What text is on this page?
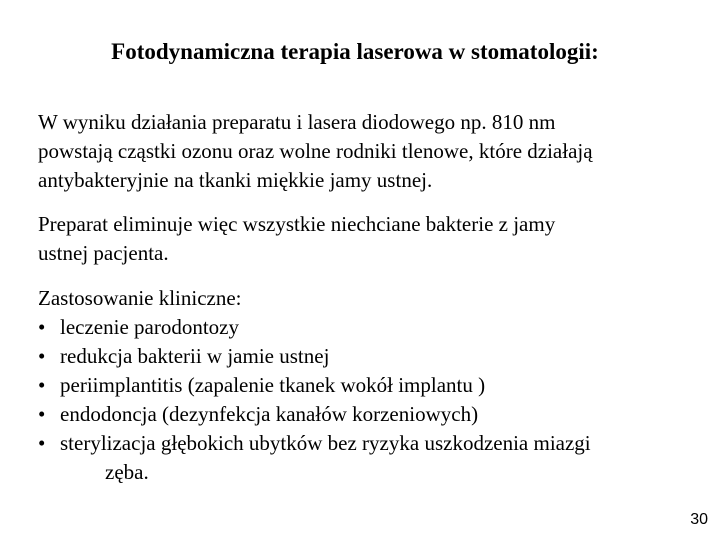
Fotodynamiczna terapia laserowa w stomatologii:
W wyniku działania preparatu i lasera diodowego np. 810 nm
powstają cząstki ozonu oraz wolne rodniki tlenowe, które działają
antybakteryjnie na tkanki miękkie jamy ustnej.
Preparat eliminuje więc wszystkie niechciane bakterie z jamy
ustnej pacjenta.
Zastosowanie kliniczne:
• leczenie parodontozy
• redukcja bakterii w jamie ustnej
• periimplantitis (zapalenie tkanek wokół implantu )
• endodoncja (dezynfekcja kanałów korzeniowych)
• sterylizacja głębokich ubytków bez ryzyka uszkodzenia miazgi
zęba.
30
